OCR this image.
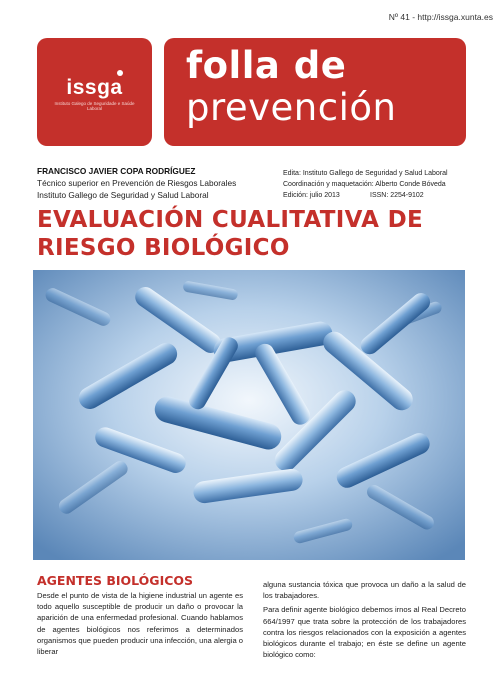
Nº 41 - http://issga.xunta.es
issga
Instituto Galego de Seguridade e Saúde Laboral
folla de
prevención
FRANCISCO JAVIER COPA RODRÍGUEZ
Técnico superior en Prevención de Riesgos Laborales
Instituto Gallego de Seguridad y Salud Laboral
Edita: Instituto Gallego de Seguridad y Salud Laboral
Coordinación y maquetación: Alberto Conde Bóveda
Edición: julio 2013	ISSN: 2254-9102
EVALUACIÓN CUALITATIVA DE
RIESGO BIOLÓGICO
AGENTES BIOLÓGICOS
Desde el punto de vista de la higiene industrial un agente es todo aquello susceptible de producir un daño o provocar la aparición de una enfermedad profesional. Cuando hablamos de agentes biológicos nos referimos a determinados organismos que pueden producir una infección, una alergia o liberar

alguna sustancia tóxica que provoca un daño a la salud de los trabajadores.

Para definir agente biológico debemos irnos al Real Decreto 664/1997 que trata sobre la protección de los trabajadores contra los riesgos relacionados con la exposición a agentes biológicos durante el trabajo; en éste se define un agente biológico como:
